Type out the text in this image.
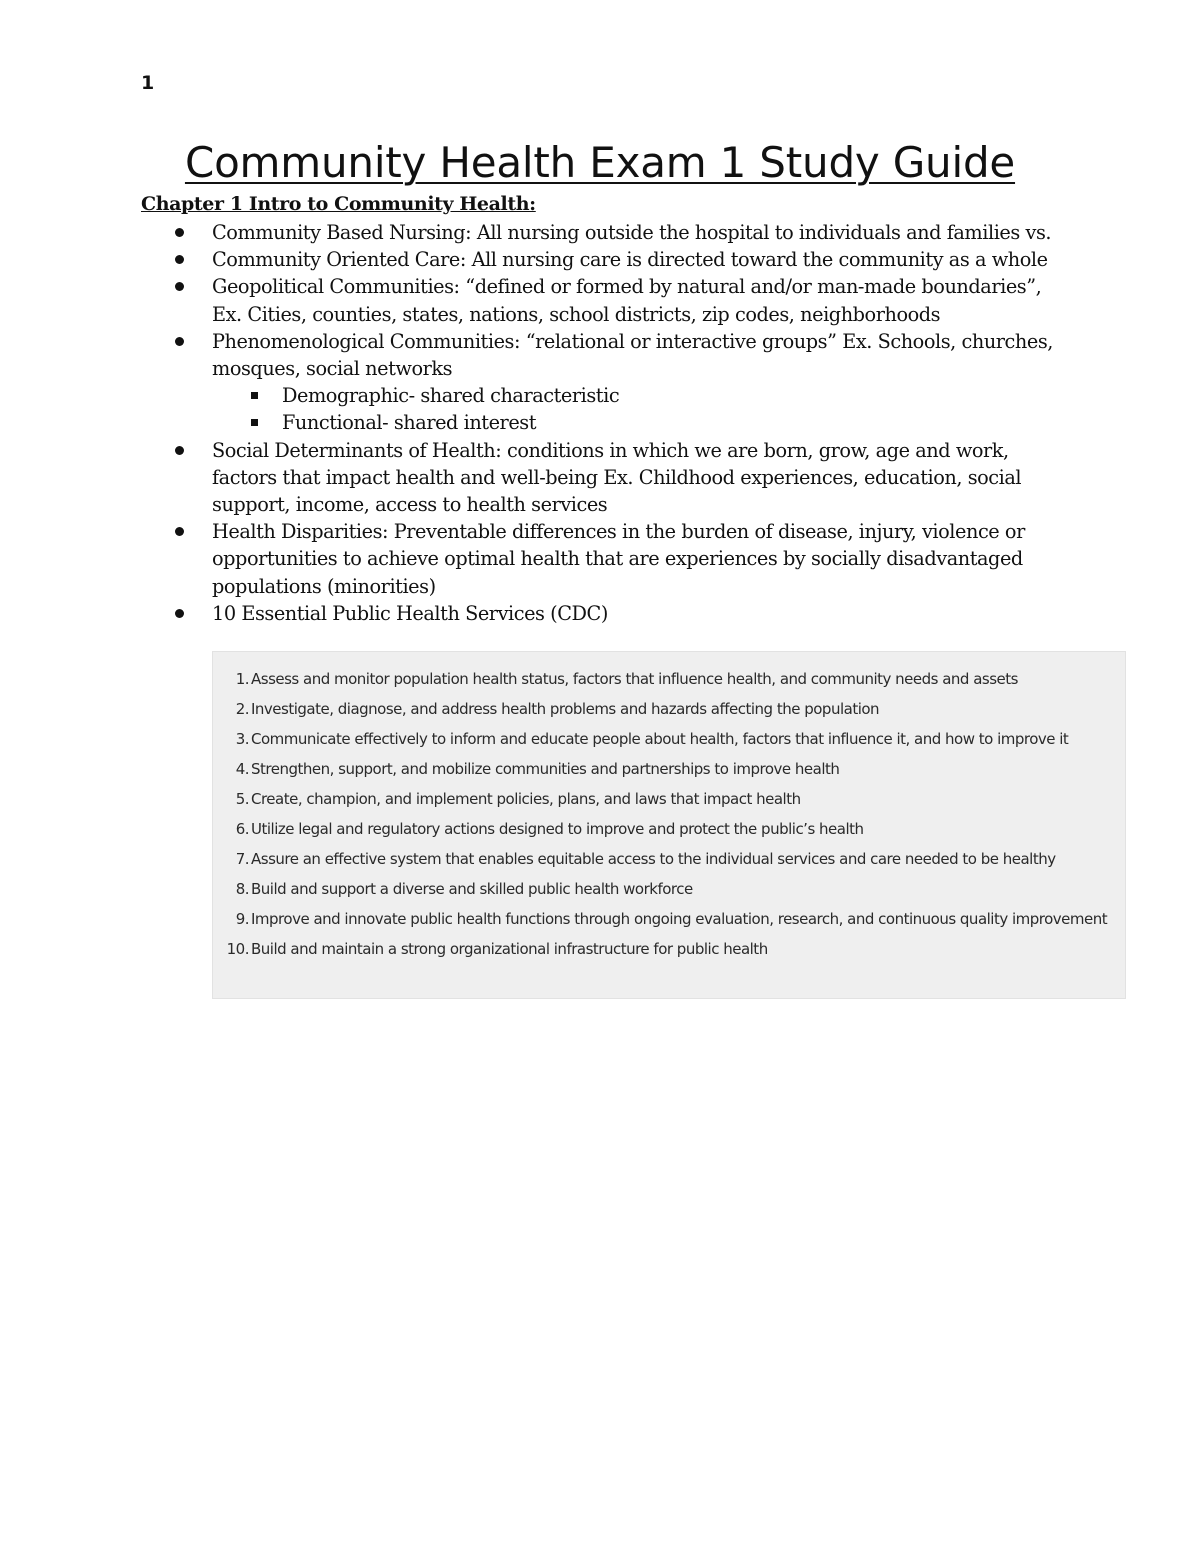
1
Community Health Exam 1 Study Guide
Chapter 1 Intro to Community Health:
Community Based Nursing: All nursing outside the hospital to individuals and families vs.
Community Oriented Care: All nursing care is directed toward the community as a whole
Geopolitical Communities: “defined or formed by natural and/or man-made boundaries”, Ex. Cities, counties, states, nations, school districts, zip codes, neighborhoods
Phenomenological Communities: “relational or interactive groups” Ex. Schools, churches, mosques, social networks
Demographic- shared characteristic
Functional- shared interest
Social Determinants of Health: conditions in which we are born, grow, age and work, factors that impact health and well-being Ex. Childhood experiences, education, social support, income, access to health services
Health Disparities: Preventable differences in the burden of disease, injury, violence or opportunities to achieve optimal health that are experiences by socially disadvantaged populations (minorities)
10 Essential Public Health Services (CDC)
1. Assess and monitor population health status, factors that influence health, and community needs and assets
2. Investigate, diagnose, and address health problems and hazards affecting the population
3. Communicate effectively to inform and educate people about health, factors that influence it, and how to improve it
4. Strengthen, support, and mobilize communities and partnerships to improve health
5. Create, champion, and implement policies, plans, and laws that impact health
6. Utilize legal and regulatory actions designed to improve and protect the public’s health
7. Assure an effective system that enables equitable access to the individual services and care needed to be healthy
8. Build and support a diverse and skilled public health workforce
9. Improve and innovate public health functions through ongoing evaluation, research, and continuous quality improvement
10. Build and maintain a strong organizational infrastructure for public health
